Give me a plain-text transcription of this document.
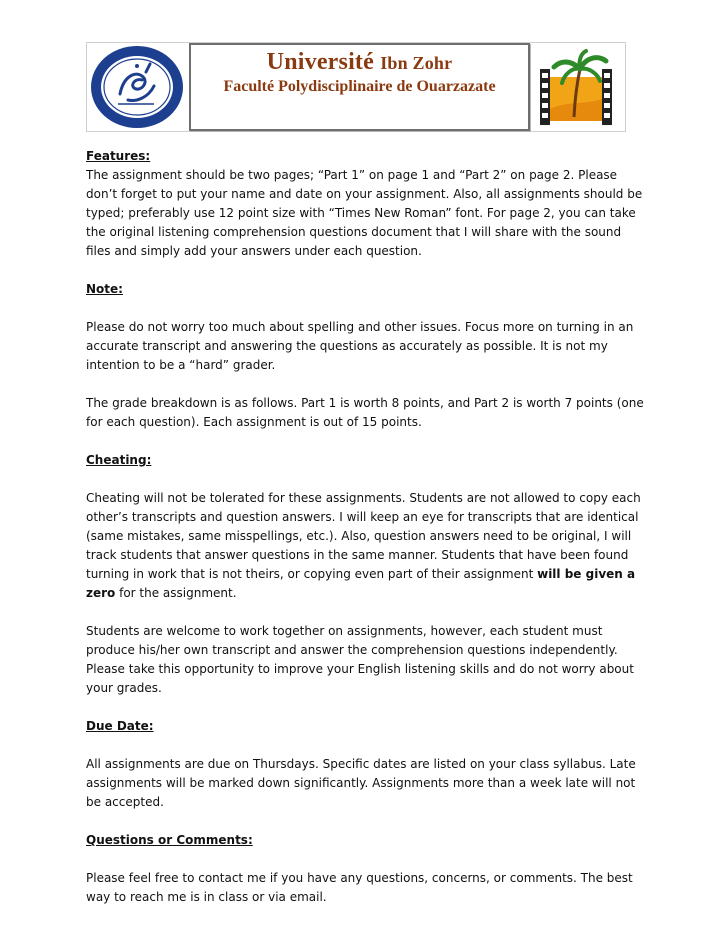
Université Ibn Zohr
Faculté Polydisciplinaire de Ouarzazate

Features:

The assignment should be two pages; “Part 1” on page 1 and “Part 2” on page 2. Please don’t forget to put your name and date on your assignment. Also, all assignments should be typed; preferably use 12 point size with “Times New Roman” font. For page 2, you can take the original listening comprehension questions document that I will share with the sound files and simply add your answers under each question.

Note:

Please do not worry too much about spelling and other issues. Focus more on turning in an accurate transcript and answering the questions as accurately as possible. It is not my intention to be a “hard” grader.

The grade breakdown is as follows. Part 1 is worth 8 points, and Part 2 is worth 7 points (one for each question). Each assignment is out of 15 points.

Cheating:

Cheating will not be tolerated for these assignments. Students are not allowed to copy each other’s transcripts and question answers. I will keep an eye for transcripts that are identical (same mistakes, same misspellings, etc.). Also, question answers need to be original, I will track students that answer questions in the same manner. Students that have been found turning in work that is not theirs, or copying even part of their assignment will be given a zero for the assignment.

Students are welcome to work together on assignments, however, each student must produce his/her own transcript and answer the comprehension questions independently. Please take this opportunity to improve your English listening skills and do not worry about your grades.

Due Date:

All assignments are due on Thursdays. Specific dates are listed on your class syllabus. Late assignments will be marked down significantly. Assignments more than a week late will not be accepted.

Questions or Comments:

Please feel free to contact me if you have any questions, concerns, or comments. The best way to reach me is in class or via email.
